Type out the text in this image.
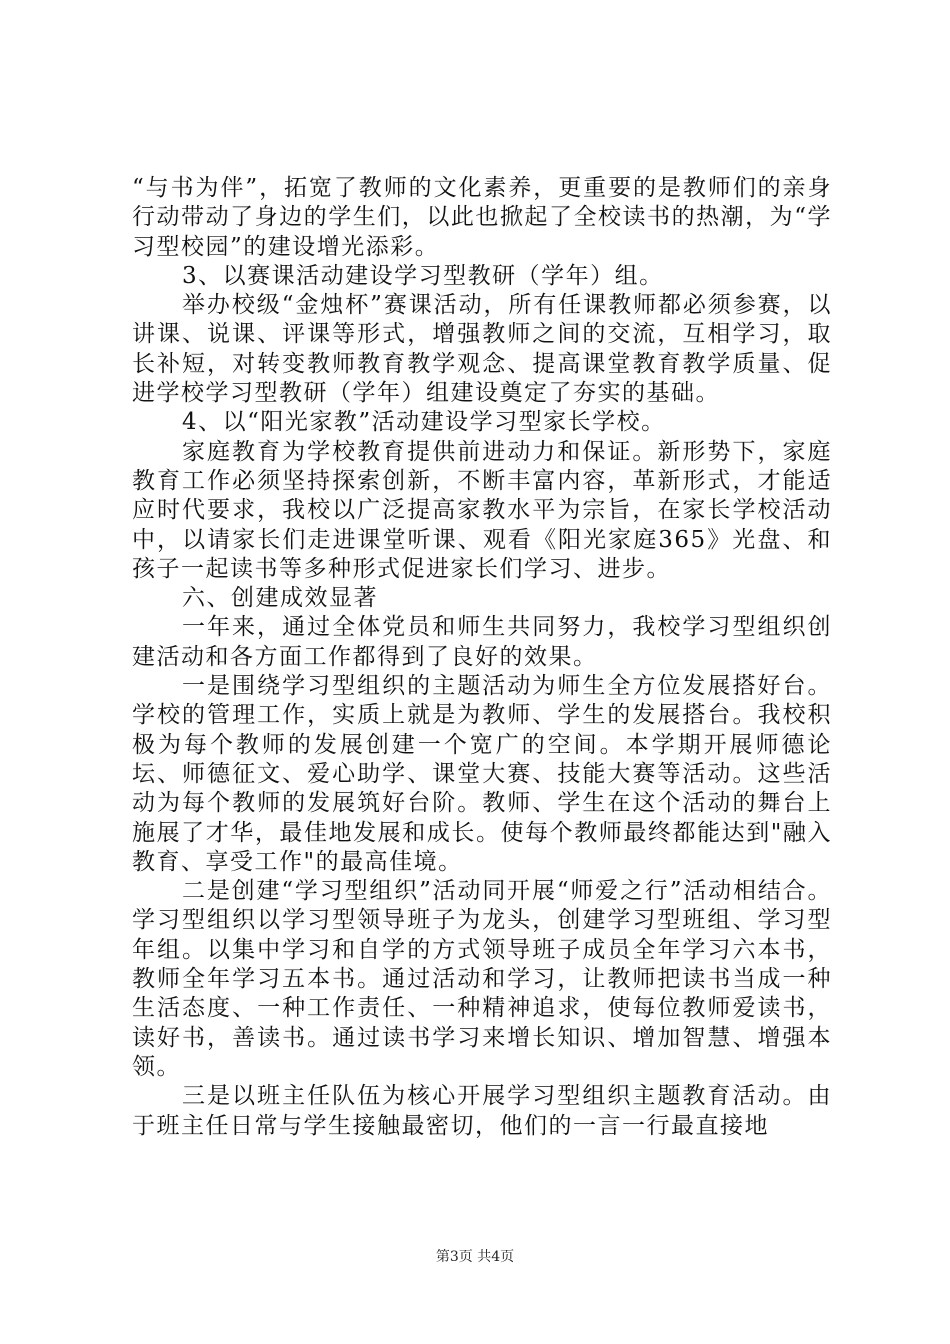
“与书为伴”，拓宽了教师的文化素养，更重要的是教师们的亲身行动带动了身边的学生们，以此也掀起了全校读书的热潮，为“学习型校园”的建设增光添彩。

3、以赛课活动建设学习型教研（学年）组。

举办校级“金烛杯”赛课活动，所有任课教师都必须参赛，以讲课、说课、评课等形式，增强教师之间的交流，互相学习，取长补短，对转变教师教育教学观念、提高课堂教育教学质量、促进学校学习型教研（学年）组建设奠定了夯实的基础。

4、以“阳光家教”活动建设学习型家长学校。

家庭教育为学校教育提供前进动力和保证。新形势下，家庭教育工作必须坚持探索创新，不断丰富内容，革新形式，才能适应时代要求，我校以广泛提高家教水平为宗旨，在家长学校活动中，以请家长们走进课堂听课、观看《阳光家庭365》光盘、和孩子一起读书等多种形式促进家长们学习、进步。

六、创建成效显著

一年来，通过全体党员和师生共同努力，我校学习型组织创建活动和各方面工作都得到了良好的效果。

一是围绕学习型组织的主题活动为师生全方位发展搭好台。学校的管理工作，实质上就是为教师、学生的发展搭台。我校积极为每个教师的发展创建一个宽广的空间。本学期开展师德论坛、师德征文、爱心助学、课堂大赛、技能大赛等活动。这些活动为每个教师的发展筑好台阶。教师、学生在这个活动的舞台上施展了才华，最佳地发展和成长。使每个教师最终都能达到"融入教育、享受工作"的最高佳境。

二是创建“学习型组织”活动同开展“师爱之行”活动相结合。学习型组织以学习型领导班子为龙头，创建学习型班组、学习型年组。以集中学习和自学的方式领导班子成员全年学习六本书，教师全年学习五本书。通过活动和学习，让教师把读书当成一种生活态度、一种工作责任、一种精神追求，使每位教师爱读书，读好书，善读书。通过读书学习来增长知识、增加智慧、增强本领。

三是以班主任队伍为核心开展学习型组织主题教育活动。由于班主任日常与学生接触最密切，他们的一言一行最直接地

第3页 共4页
